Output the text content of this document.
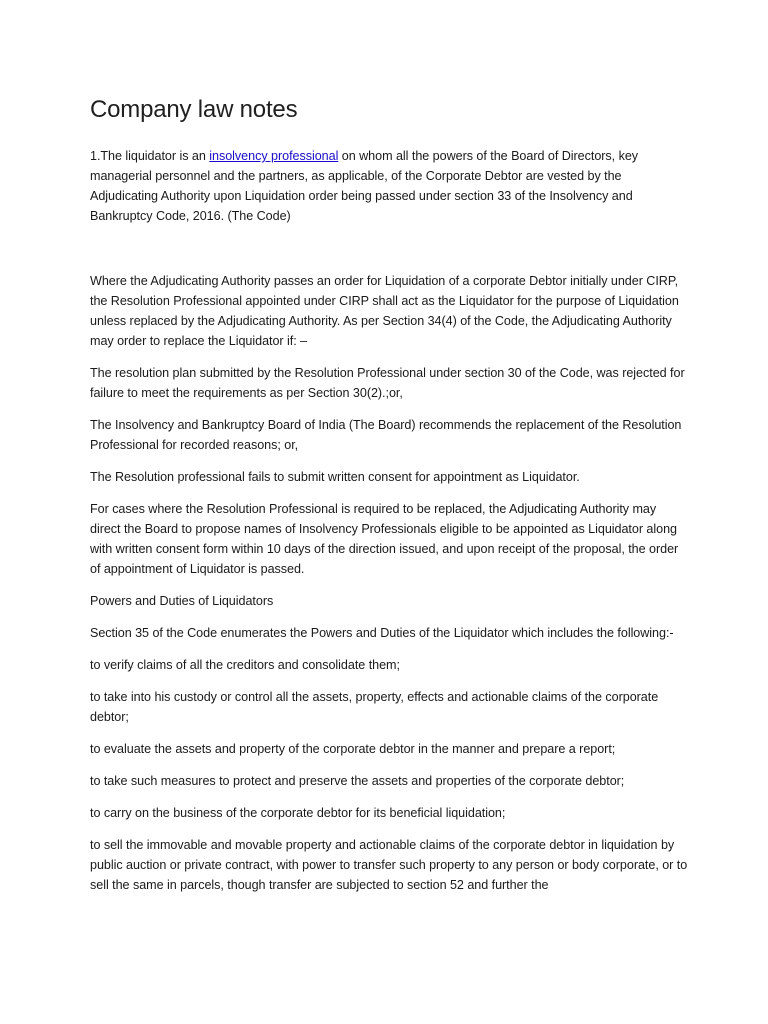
Company law notes

1.The liquidator is an insolvency professional on whom all the powers of the Board of Directors, key managerial personnel and the partners, as applicable, of the Corporate Debtor are vested by the Adjudicating Authority upon Liquidation order being passed under section 33 of the Insolvency and Bankruptcy Code, 2016. (The Code)

Where the Adjudicating Authority passes an order for Liquidation of a corporate Debtor initially under CIRP, the Resolution Professional appointed under CIRP shall act as the Liquidator for the purpose of Liquidation unless replaced by the Adjudicating Authority. As per Section 34(4) of the Code, the Adjudicating Authority may order to replace the Liquidator if: –

The resolution plan submitted by the Resolution Professional under section 30 of the Code, was rejected for failure to meet the requirements as per Section 30(2).;or,

The Insolvency and Bankruptcy Board of India (The Board) recommends the replacement of the Resolution Professional for recorded reasons; or,

The Resolution professional fails to submit written consent for appointment as Liquidator.

For cases where the Resolution Professional is required to be replaced, the Adjudicating Authority may direct the Board to propose names of Insolvency Professionals eligible to be appointed as Liquidator along with written consent form within 10 days of the direction issued, and upon receipt of the proposal, the order of appointment of Liquidator is passed.

Powers and Duties of Liquidators

Section 35 of the Code enumerates the Powers and Duties of the Liquidator which includes the following:-

to verify claims of all the creditors and consolidate them;

to take into his custody or control all the assets, property, effects and actionable claims of the corporate debtor;

to evaluate the assets and property of the corporate debtor in the manner and prepare a report;

to take such measures to protect and preserve the assets and properties of the corporate debtor;

to carry on the business of the corporate debtor for its beneficial liquidation;

to sell the immovable and movable property and actionable claims of the corporate debtor in liquidation by public auction or private contract, with power to transfer such property to any person or body corporate, or to sell the same in parcels, though transfer are subjected to section 52 and further the
